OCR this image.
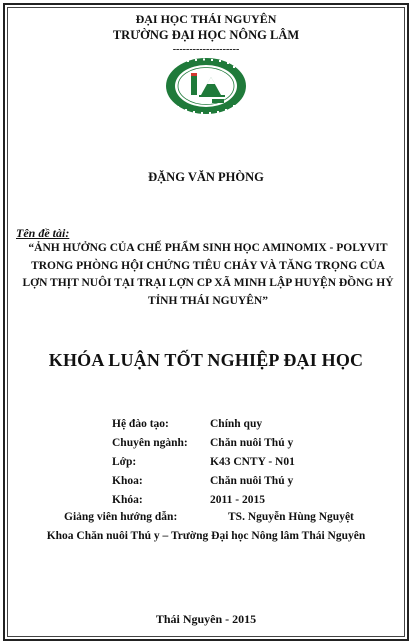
ĐẠI HỌC THÁI NGUYÊN
TRƯỜNG ĐẠI HỌC NÔNG LÂM
--------------------
ĐẶNG VĂN PHÒNG
Tên đề tài:
“ẢNH HƯỞNG CỦA CHẾ PHẨM SINH HỌC AMINOMIX - POLYVIT
TRONG PHÒNG HỘI CHỨNG TIÊU CHẢY VÀ TĂNG TRỌNG CỦA
LỢN THỊT NUÔI TẠI TRẠI LỢN CP XÃ MINH LẬP HUYỆN ĐỒNG HỶ
TỈNH THÁI NGUYÊN”
KHÓA LUẬN TỐT NGHIỆP ĐẠI HỌC
Hệ đào tạo:	Chính quy
Chuyên ngành: Chăn nuôi Thú y
Lớp:	K43 CNTY - N01
Khoa:	Chăn nuôi Thú y
Khóa:	2011 - 2015
Giảng viên hướng dẫn:	TS. Nguyễn Hùng Nguyệt
Khoa Chăn nuôi Thú y – Trường Đại học Nông lâm Thái Nguyên
Thái Nguyên - 2015
